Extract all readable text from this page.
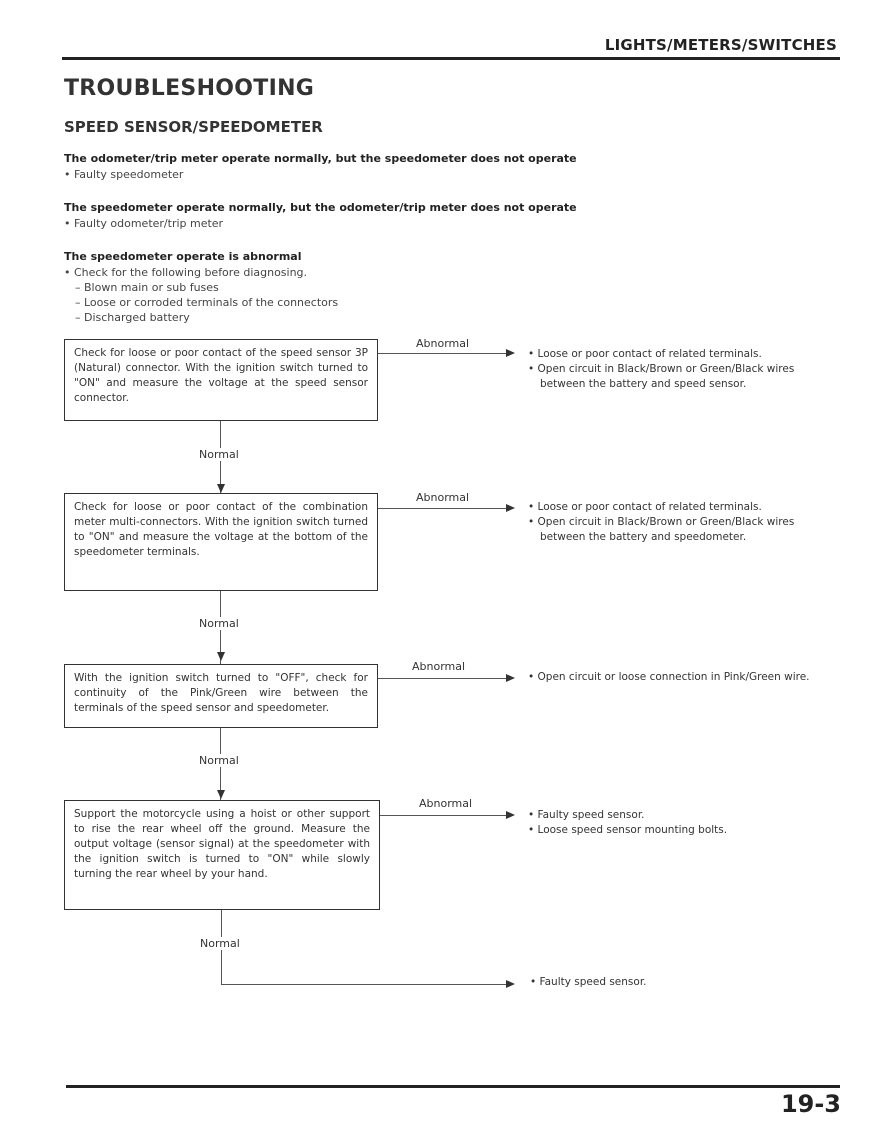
LIGHTS/METERS/SWITCHES
TROUBLESHOOTING
SPEED SENSOR/SPEEDOMETER
The odometer/trip meter operate normally, but the speedometer does not operate
• Faulty speedometer
The speedometer operate normally, but the odometer/trip meter does not operate
• Faulty odometer/trip meter
The speedometer operate is abnormal
• Check for the following before diagnosing.
– Blown main or sub fuses
– Loose or corroded terminals of the connectors
– Discharged battery
Check for loose or poor contact of the speed sensor 3P (Natural) connector. With the ignition switch turned to "ON" and measure the voltage at the speed sensor connector.
Abnormal
• Loose or poor contact of related terminals.
• Open circuit in Black/Brown or Green/Black wires between the battery and speed sensor.
Normal
Check for loose or poor contact of the combination meter multi-connectors. With the ignition switch turned to "ON" and measure the voltage at the bottom of the speedometer terminals.
Abnormal
• Loose or poor contact of related terminals.
• Open circuit in Black/Brown or Green/Black wires between the battery and speedometer.
Normal
With the ignition switch turned to "OFF", check for continuity of the Pink/Green wire between the terminals of the speed sensor and speedometer.
Abnormal
• Open circuit or loose connection in Pink/Green wire.
Normal
Support the motorcycle using a hoist or other support to rise the rear wheel off the ground. Measure the output voltage (sensor signal) at the speedometer with the ignition switch is turned to "ON" while slowly turning the rear wheel by your hand.
Abnormal
• Faulty speed sensor.
• Loose speed sensor mounting bolts.
Normal
• Faulty speed sensor.
19-3
